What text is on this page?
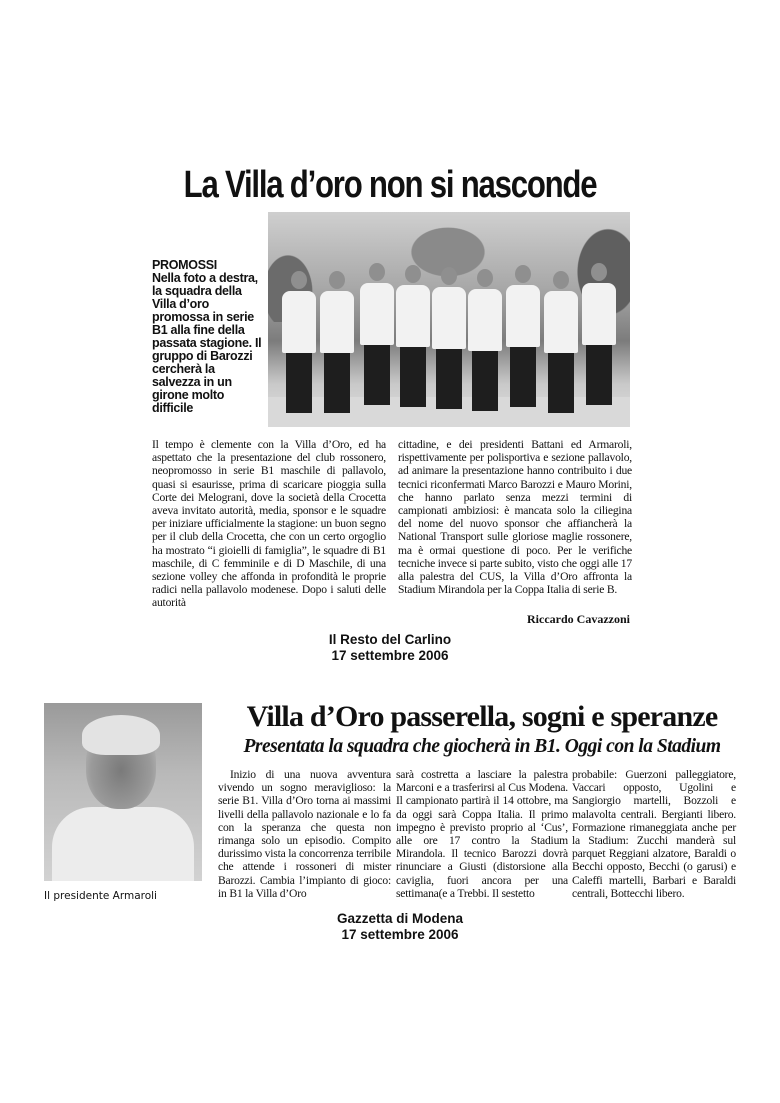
La Villa d’oro non si nasconde
PROMOSSI
Nella foto a destra, la squadra della Villa d’oro promossa in serie B1 alla fine della passata stagione. Il gruppo di Barozzi cercherà la salvezza in un girone molto difficile
Il tempo è clemente con la Villa d’Oro, ed ha aspettato che la presentazione del club rossonero, neopromosso in serie B1 maschile di pallavolo, quasi si esaurisse, prima di scaricare pioggia sulla Corte dei Melograni, dove la società della Crocetta aveva invitato autorità, media, sponsor e le squadre per iniziare ufficialmente la stagione: un buon segno per il club della Crocetta, che con un certo orgoglio ha mostrato “i gioielli di famiglia”, le squadre di B1 maschile, di C femminile e di D Maschile, di una sezione volley che affonda in profondità le proprie radici nella pallavolo modenese. Dopo i saluti delle autorità
cittadine, e dei presidenti Battani ed Armaroli, rispettivamente per polisportiva e sezione pallavolo, ad animare la presentazione hanno contribuito i due tecnici riconfermati Marco Barozzi e Mauro Morini, che hanno parlato senza mezzi termini di campionati ambiziosi: è mancata solo la ciliegina del nome del nuovo sponsor che affiancherà la National Transport sulle gloriose maglie rossonere, ma è ormai questione di poco. Per le verifiche tecniche invece si parte subito, visto che oggi alle 17 alla palestra del CUS, la Villa d’Oro affronta la Stadium Mirandola per la Coppa Italia di serie B.
Riccardo Cavazzoni
Il Resto del Carlino
17 settembre 2006
Il presidente Armaroli
Villa d’Oro passerella, sogni e speranze
Presentata la squadra che giocherà in B1. Oggi con la Stadium
Inizio di una nuova avventura vivendo un sogno meraviglioso: la serie B1. Villa d’Oro torna ai massimi livelli della pallavolo nazionale e lo fa con la speranza che questa non rimanga solo un episodio. Compito durissimo vista la concorrenza terribile che attende i rossoneri di mister Barozzi. Cambia l’impianto di gioco: in B1 la Villa d’Oro
sarà costretta a lasciare la palestra Marconi e a trasferirsi al Cus Modena. Il campionato partirà il 14 ottobre, ma da oggi sarà Coppa Italia. Il primo impegno è previsto proprio al ‘Cus’, alle ore 17 contro la Stadium Mirandola. Il tecnico Barozzi dovrà rinunciare a Giusti (distorsione alla caviglia, fuori ancora per una settimana(e a Trebbi. Il sestetto
probabile: Guerzoni palleggiatore, Vaccari opposto, Ugolini e Sangiorgio martelli, Bozzoli e malavolta centrali. Bergianti libero. Formazione rimaneggiata anche per la Stadium: Zucchi manderà sul parquet Reggiani alzatore, Baraldi o Becchi opposto, Becchi (o garusi) e Caleffi martelli, Barbari e Baraldi centrali, Bottecchi libero.
Gazzetta di Modena
17 settembre 2006
